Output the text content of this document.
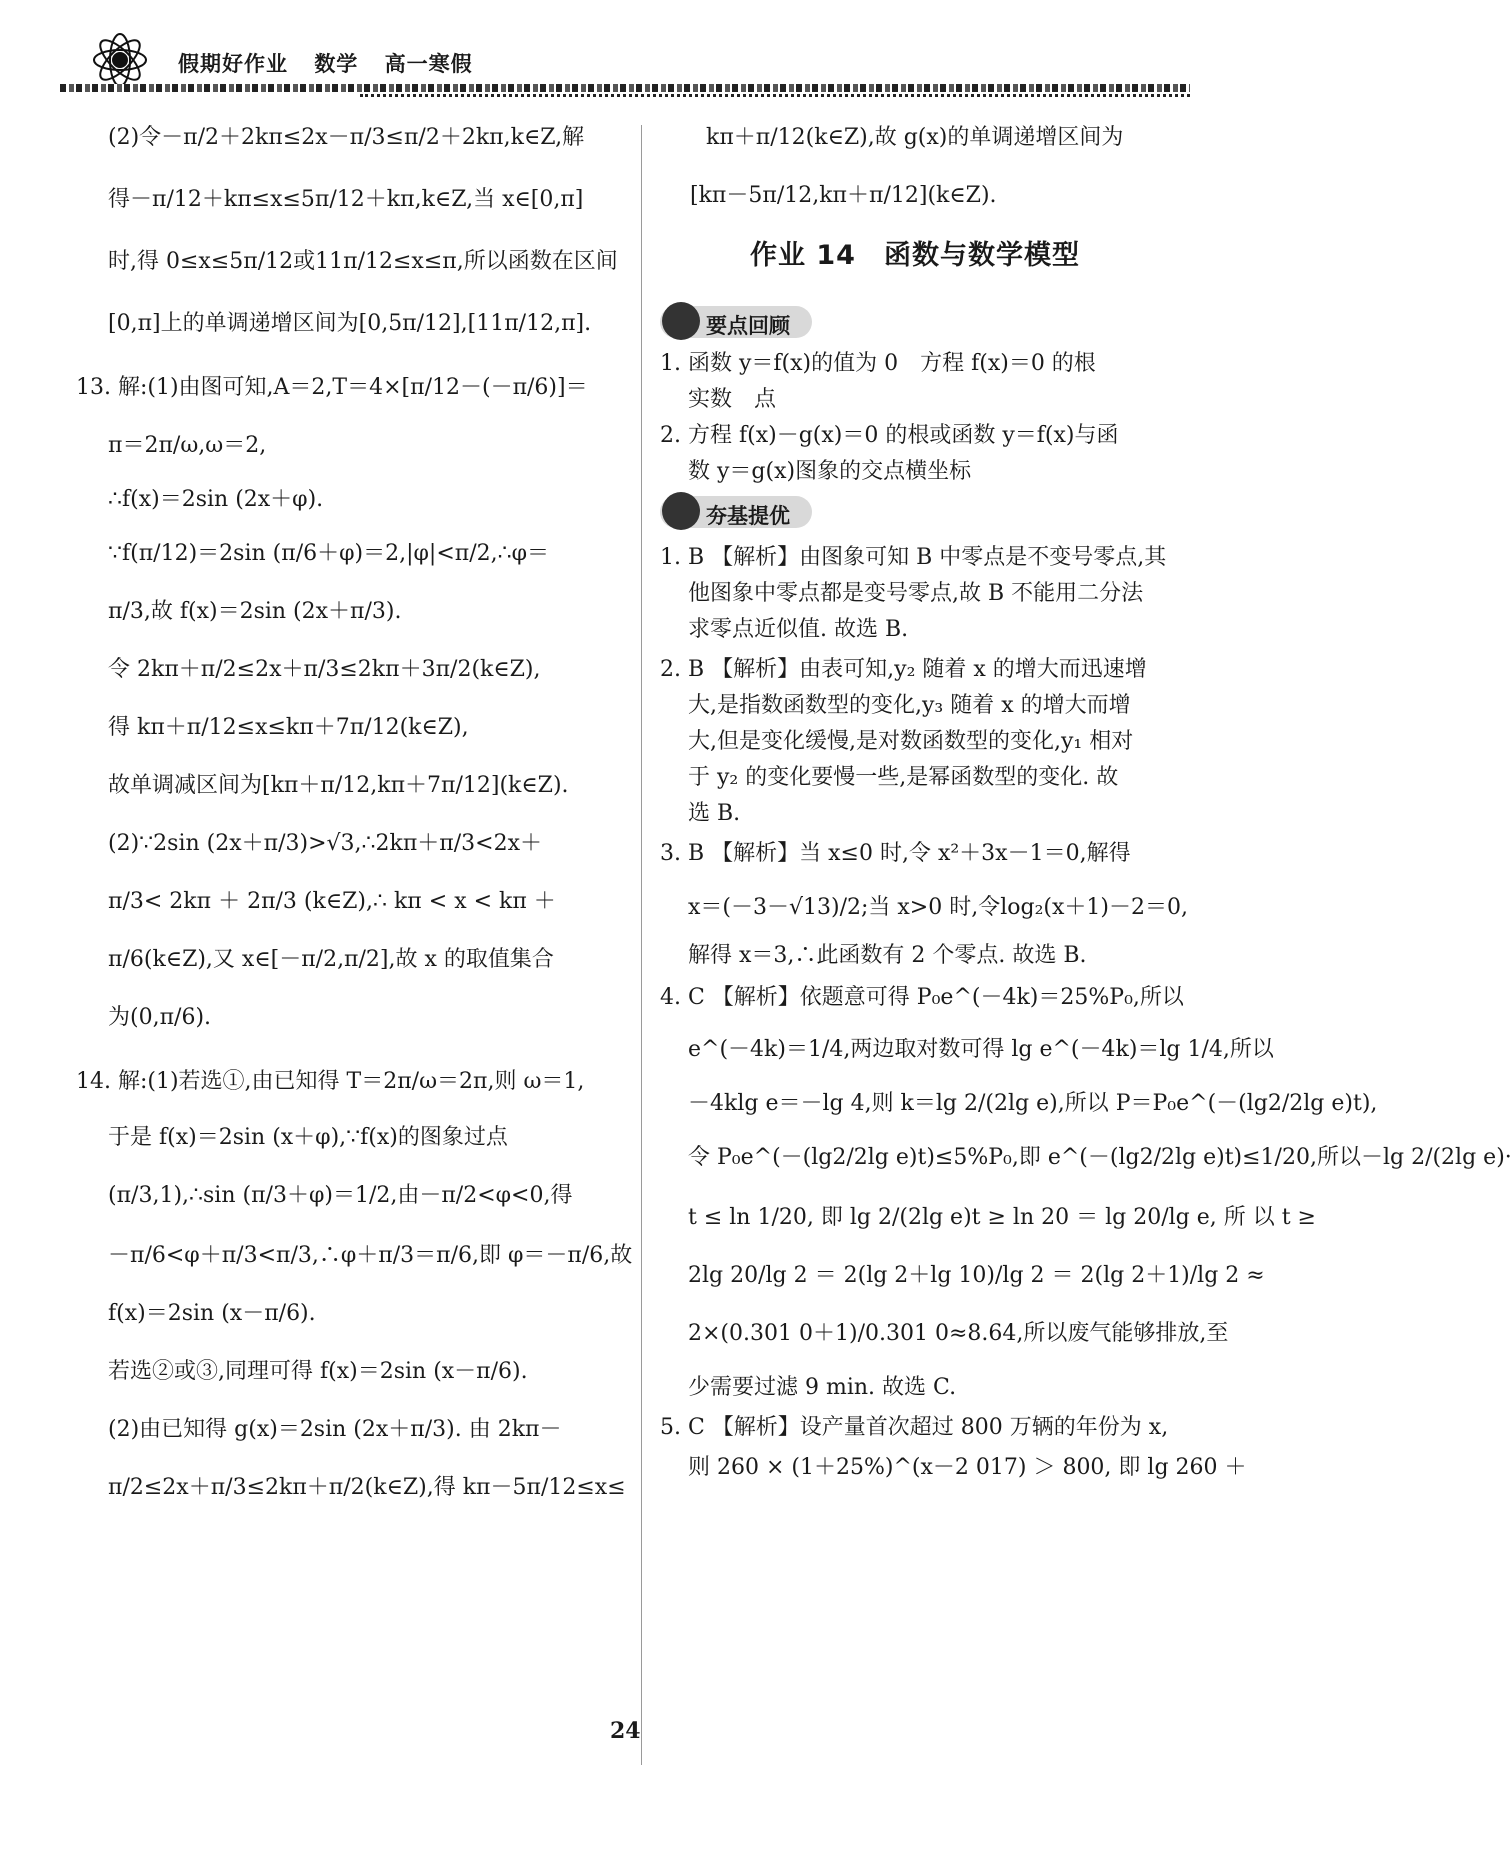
假期好作业 数学 高一寒假
(2)令－π/2＋2kπ≤2x－π/3≤π/2＋2kπ,k∈Z,解
得－π/12＋kπ≤x≤5π/12＋kπ,k∈Z,当 x∈[0,π]
时,得 0≤x≤5π/12或11π/12≤x≤π,所以函数在区间
[0,π]上的单调递增区间为[0,5π/12],[11π/12,π].
13. 解:(1)由图可知,A＝2,T＝4×[π/12－(－π/6)]＝
π＝2π/ω,ω＝2,
∴f(x)＝2sin (2x＋φ).
∵f(π/12)＝2sin (π/6＋φ)＝2,|φ|<π/2,∴φ＝
π/3,故 f(x)＝2sin (2x＋π/3).
令 2kπ＋π/2≤2x＋π/3≤2kπ＋3π/2(k∈Z),
得 kπ＋π/12≤x≤kπ＋7π/12(k∈Z),
故单调减区间为[kπ＋π/12,kπ＋7π/12](k∈Z).
(2)∵2sin (2x＋π/3)>√3,∴2kπ＋π/3<2x＋
π/3< 2kπ ＋ 2π/3 (k∈Z),∴ kπ < x < kπ ＋
π/6(k∈Z),又 x∈[－π/2,π/2],故 x 的取值集合
为(0,π/6).
14. 解:(1)若选①,由已知得 T＝2π/ω＝2π,则 ω＝1,
于是 f(x)＝2sin (x＋φ),∵f(x)的图象过点
(π/3,1),∴sin (π/3＋φ)＝1/2,由－π/2<φ<0,得
－π/6<φ＋π/3<π/3,∴φ＋π/3＝π/6,即 φ＝－π/6,故
f(x)＝2sin (x－π/6).
若选②或③,同理可得 f(x)＝2sin (x－π/6).
(2)由已知得 g(x)＝2sin (2x＋π/3). 由 2kπ－
π/2≤2x＋π/3≤2kπ＋π/2(k∈Z),得 kπ－5π/12≤x≤
kπ＋π/12(k∈Z),故 g(x)的单调递增区间为
[kπ－5π/12,kπ＋π/12](k∈Z).
作业 14　函数与数学模型
要点回顾
1. 函数 y＝f(x)的值为 0　方程 f(x)＝0 的根
实数　点
2. 方程 f(x)－g(x)＝0 的根或函数 y＝f(x)与函
数 y＝g(x)图象的交点横坐标
夯基提优
1. B 【解析】由图象可知 B 中零点是不变号零点,其
他图象中零点都是变号零点,故 B 不能用二分法
求零点近似值. 故选 B.
2. B 【解析】由表可知,y₂ 随着 x 的增大而迅速增
大,是指数函数型的变化,y₃ 随着 x 的增大而增
大,但是变化缓慢,是对数函数型的变化,y₁ 相对
于 y₂ 的变化要慢一些,是幂函数型的变化. 故
选 B.
3. B 【解析】当 x≤0 时,令 x²＋3x－1＝0,解得
x＝(－3－√13)/2;当 x>0 时,令log₂(x＋1)－2＝0,
解得 x＝3,∴此函数有 2 个零点. 故选 B.
4. C 【解析】依题意可得 P₀e^(－4k)＝25%P₀,所以
e^(－4k)＝1/4,两边取对数可得 lg e^(－4k)＝lg 1/4,所以
－4klg e＝－lg 4,则 k＝lg 2/(2lg e),所以 P＝P₀e^(－(lg2/2lg e)t),
令 P₀e^(－(lg2/2lg e)t)≤5%P₀,即 e^(－(lg2/2lg e)t)≤1/20,所以－lg 2/(2lg e)·
t ≤ ln 1/20, 即 lg 2/(2lg e)t ≥ ln 20 ＝ lg 20/lg e, 所 以 t ≥
2lg 20/lg 2 ＝ 2(lg 2＋lg 10)/lg 2 ＝ 2(lg 2＋1)/lg 2 ≈
2×(0.301 0＋1)/0.301 0≈8.64,所以废气能够排放,至
少需要过滤 9 min. 故选 C.
5. C 【解析】设产量首次超过 800 万辆的年份为 x,
则 260 × (1＋25%)^(x－2 017) ＞ 800, 即 lg 260 ＋
24
